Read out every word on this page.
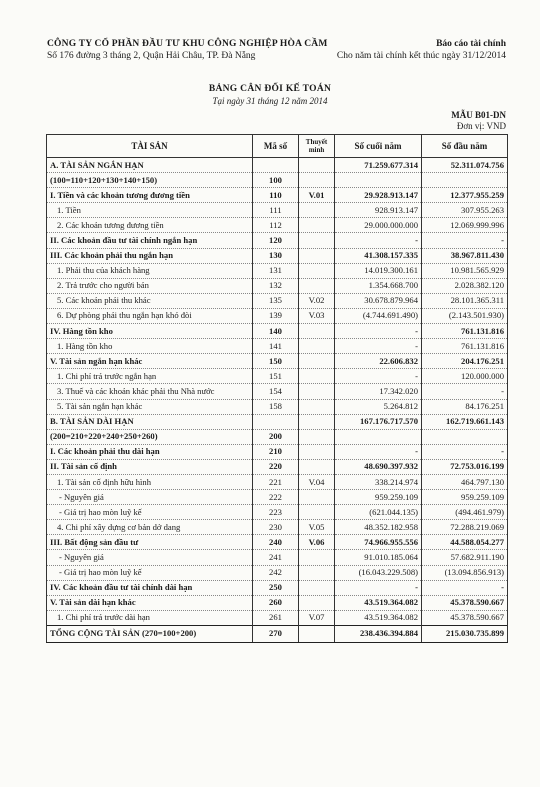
CÔNG TY CỔ PHẦN ĐẦU TƯ KHU CÔNG NGHIỆP HÒA CẦM
Số 176 đường 3 tháng 2, Quận Hải Châu, TP. Đà Nẵng
Báo cáo tài chính
Cho năm tài chính kết thúc ngày 31/12/2014
BẢNG CÂN ĐỐI KẾ TOÁN
Tại ngày 31 tháng 12 năm 2014
MẪU B01-DN
Đơn vị: VND
TÀI SẢN	Mã số	Thuyết minh	Số cuối năm	Số đầu năm
A. TÀI SẢN NGẮN HẠN			71.259.677.314	52.311.074.756
(100=110+120+130+140+150)	100			
I. Tiền và các khoản tương đương tiền	110	V.01	29.928.913.147	12.377.955.259
1. Tiền	111		928.913.147	307.955.263
2. Các khoản tương đương tiền	112		29.000.000.000	12.069.999.996
II. Các khoản đầu tư tài chính ngắn hạn	120		-	-
III. Các khoản phải thu ngắn hạn	130		41.308.157.335	38.967.811.430
1. Phải thu của khách hàng	131		14.019.300.161	10.981.565.929
2. Trả trước cho người bán	132		1.354.668.700	2.028.382.120
5. Các khoản phải thu khác	135	V.02	30.678.879.964	28.101.365.311
6. Dự phòng phải thu ngắn hạn khó đòi	139	V.03	(4.744.691.490)	(2.143.501.930)
IV. Hàng tồn kho	140		-	761.131.816
1. Hàng tồn kho	141		-	761.131.816
V. Tài sản ngắn hạn khác	150		22.606.832	204.176.251
1. Chi phí trả trước ngắn hạn	151		-	120.000.000
3. Thuế và các khoản khác phải thu Nhà nước	154		17.342.020	-
5. Tài sản ngắn hạn khác	158		5.264.812	84.176.251
B. TÀI SẢN DÀI HẠN			167.176.717.570	162.719.661.143
(200=210+220+240+250+260)	200			
I. Các khoản phải thu dài hạn	210		-	-
II. Tài sản cố định	220		48.690.397.932	72.753.016.199
1. Tài sản cố định hữu hình	221	V.04	338.214.974	464.797.130
- Nguyên giá	222		959.259.109	959.259.109
- Giá trị hao mòn luỹ kế	223		(621.044.135)	(494.461.979)
4. Chi phí xây dựng cơ bản dở dang	230	V.05	48.352.182.958	72.288.219.069
III. Bất động sản đầu tư	240	V.06	74.966.955.556	44.588.054.277
- Nguyên giá	241		91.010.185.064	57.682.911.190
- Giá trị hao mòn luỹ kế	242		(16.043.229.508)	(13.094.856.913)
IV. Các khoản đầu tư tài chính dài hạn	250		-	-
V. Tài sản dài hạn khác	260		43.519.364.082	45.378.590.667
1. Chi phí trả trước dài hạn	261	V.07	43.519.364.082	45.378.590.667
TỔNG CỘNG TÀI SẢN (270=100+200)	270		238.436.394.884	215.030.735.899
